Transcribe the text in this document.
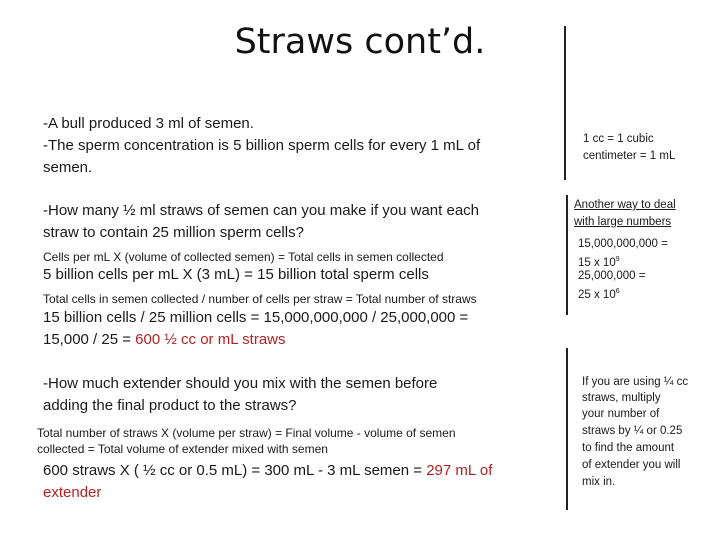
Straws cont’d.
-A bull produced 3 ml of semen.
-The sperm concentration is 5 billion sperm cells for every 1 mL of
semen.
-How many ½ ml straws of semen can you make if you want each
straw to contain 25 million sperm cells?
Cells per mL X (volume of collected semen) = Total cells in semen collected
5 billion cells per mL X (3 mL) = 15 billion total sperm cells
Total cells in semen collected / number of cells per straw = Total number of straws
15 billion cells / 25 million cells = 15,000,000,000 / 25,000,000 =
15,000 / 25 = 600 ½ cc or mL straws
-How much extender should you mix with the semen before
adding the final product to the straws?
Total number of straws X (volume per straw) = Final volume - volume of semen
collected = Total volume of extender mixed with semen
600 straws X ( ½ cc or 0.5 mL) = 300 mL - 3 mL semen = 297 mL of
extender
1 cc = 1 cubic
centimeter = 1 mL
Another way to deal
with large numbers
15,000,000,000 =
15 x $10^9$
25,000,000 =
25 x $10^6$
If you are using ¼ cc
straws, multiply
your number of
straws by ¼ or 0.25
to find the amount
of extender you will
mix in.
